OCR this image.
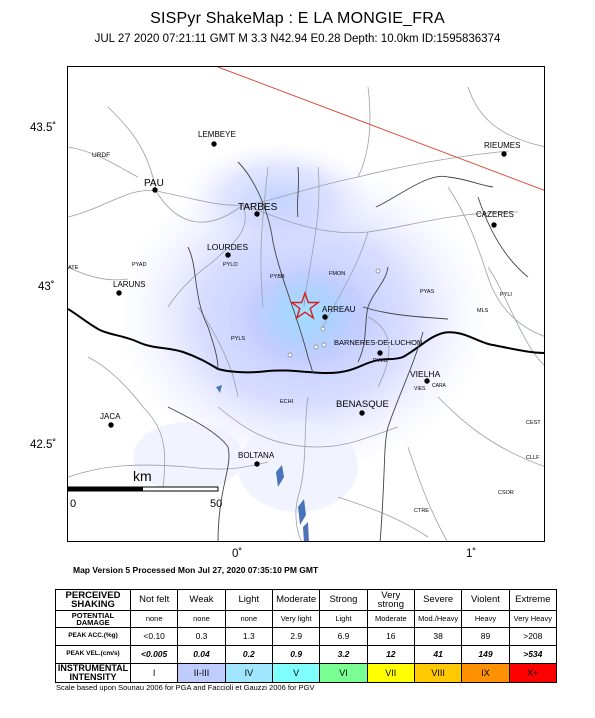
SISPyr ShakeMap : E LA MONGIE_FRA
JUL 27 2020 07:21:11 GMT M 3.3 N42.94 E0.28 Depth: 10.0km ID:1595836374
43.5˚
43˚
42.5˚
0˚	1˚
km
0	50
LEMBEYE
URDF
PAU
TARBES
RIEUMES
CAZERES
LOURDES
PYLO
PYAD
ATE
PYBB	FMON
LARUNS
ARREAU
PYAS	PYLI
MLS
PYLS	BARNERES-DE-LUCHON
PYLU
VIELHA
VIES CARA
ECHI	BENASQUE
JACA
CEST
BOLTANA	CLLF
CSOR
CTRE
Map Version 5 Processed Mon Jul 27, 2020 07:35:10 PM GMT
PERCEIVED SHAKING	Not felt	Weak	Light	Moderate	Strong	Very strong	Severe	Violent	Extreme
POTENTIAL DAMAGE	none	none	none	Very light	Light	Moderate	Mod./Heavy	Heavy	Very Heavy
PEAK ACC.(%g)	<0.10	0.3	1.3	2.9	6.9	16	38	89	>208
PEAK VEL.(cm/s)	<0.005	0.04	0.2	0.9	3.2	12	41	149	>534
INSTRUMENTAL INTENSITY	I	II-III	IV	V	VI	VII	VIII	IX	X+
Scale based upon Sounau 2006 for PGA and Faccioli et Gauzzi 2006 for PGV
